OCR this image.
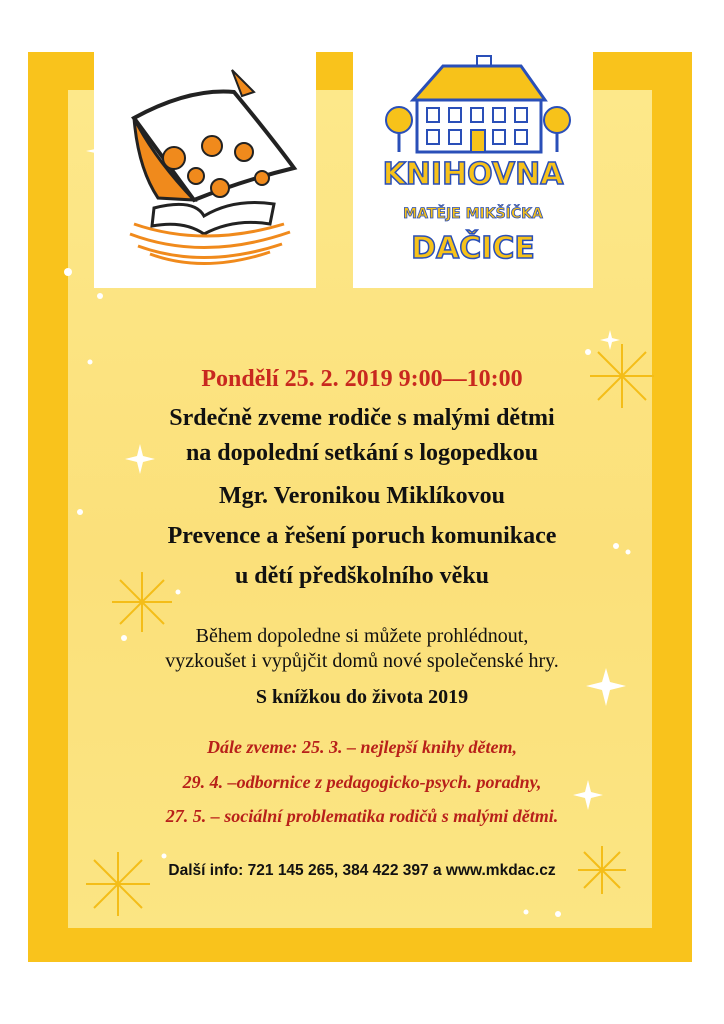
KNIHOVNA
MATĚJE MIKŠÍČKA
DAČICE
Pondělí 25. 2. 2019 9:00—10:00
Srdečně zveme rodiče s malými dětmi
na dopolední setkání s logopedkou
Mgr. Veronikou Miklíkovou
Prevence a řešení poruch komunikace
u dětí předškolního věku
Během dopoledne si můžete prohlédnout,
vyzkoušet i vypůjčit domů nové společenské hry.
S knížkou do života 2019
Dále zveme: 25. 3. – nejlepší knihy dětem,
29. 4. –odbornice z pedagogicko-psych. poradny,
27. 5. – sociální problematika rodičů s malými dětmi.
Další info: 721 145 265, 384 422 397 a www.mkdac.cz
